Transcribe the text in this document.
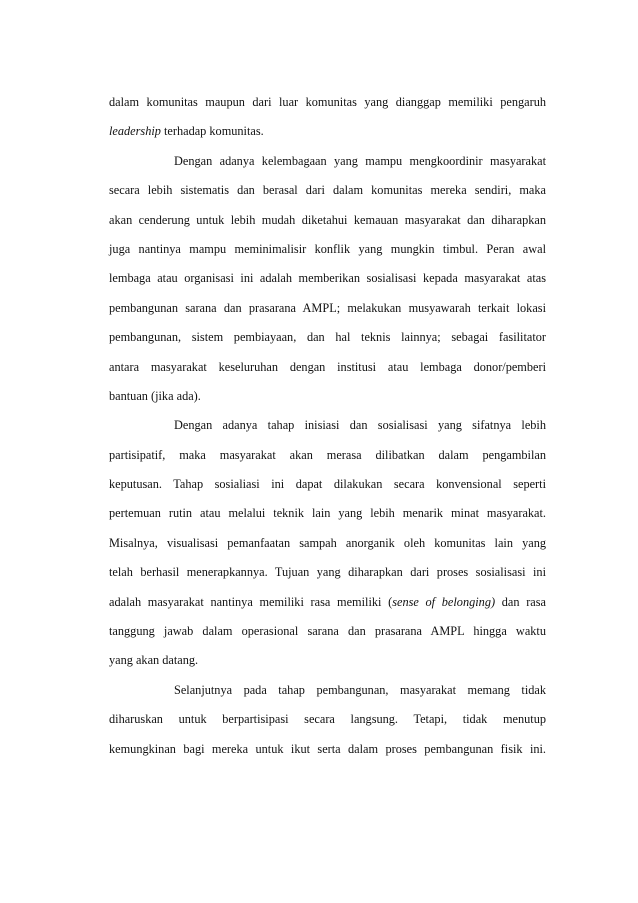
dalam komunitas maupun dari luar komunitas yang dianggap memiliki pengaruh
leadership terhadap komunitas.
Dengan adanya kelembagaan yang mampu mengkoordinir masyarakat
secara lebih sistematis dan berasal dari dalam komunitas mereka sendiri, maka
akan cenderung untuk lebih mudah diketahui kemauan masyarakat dan diharapkan
juga nantinya mampu meminimalisir konflik yang mungkin timbul. Peran awal
lembaga atau organisasi ini adalah memberikan sosialisasi kepada masyarakat atas
pembangunan sarana dan prasarana AMPL; melakukan musyawarah terkait lokasi
pembangunan, sistem pembiayaan, dan hal teknis lainnya; sebagai fasilitator
antara masyarakat keseluruhan dengan institusi atau lembaga donor/pemberi
bantuan (jika ada).
Dengan adanya tahap inisiasi dan sosialisasi yang sifatnya lebih
partisipatif, maka masyarakat akan merasa dilibatkan dalam pengambilan
keputusan. Tahap sosialiasi ini dapat dilakukan secara konvensional seperti
pertemuan rutin atau melalui teknik lain yang lebih menarik minat masyarakat.
Misalnya, visualisasi pemanfaatan sampah anorganik oleh komunitas lain yang
telah berhasil menerapkannya. Tujuan yang diharapkan dari proses sosialisasi ini
adalah masyarakat nantinya memiliki rasa memiliki (sense of belonging) dan rasa
tanggung jawab dalam operasional sarana dan prasarana AMPL hingga waktu
yang akan datang.
Selanjutnya pada tahap pembangunan, masyarakat memang tidak
diharuskan untuk berpartisipasi secara langsung. Tetapi, tidak menutup
kemungkinan bagi mereka untuk ikut serta dalam proses pembangunan fisik ini.
